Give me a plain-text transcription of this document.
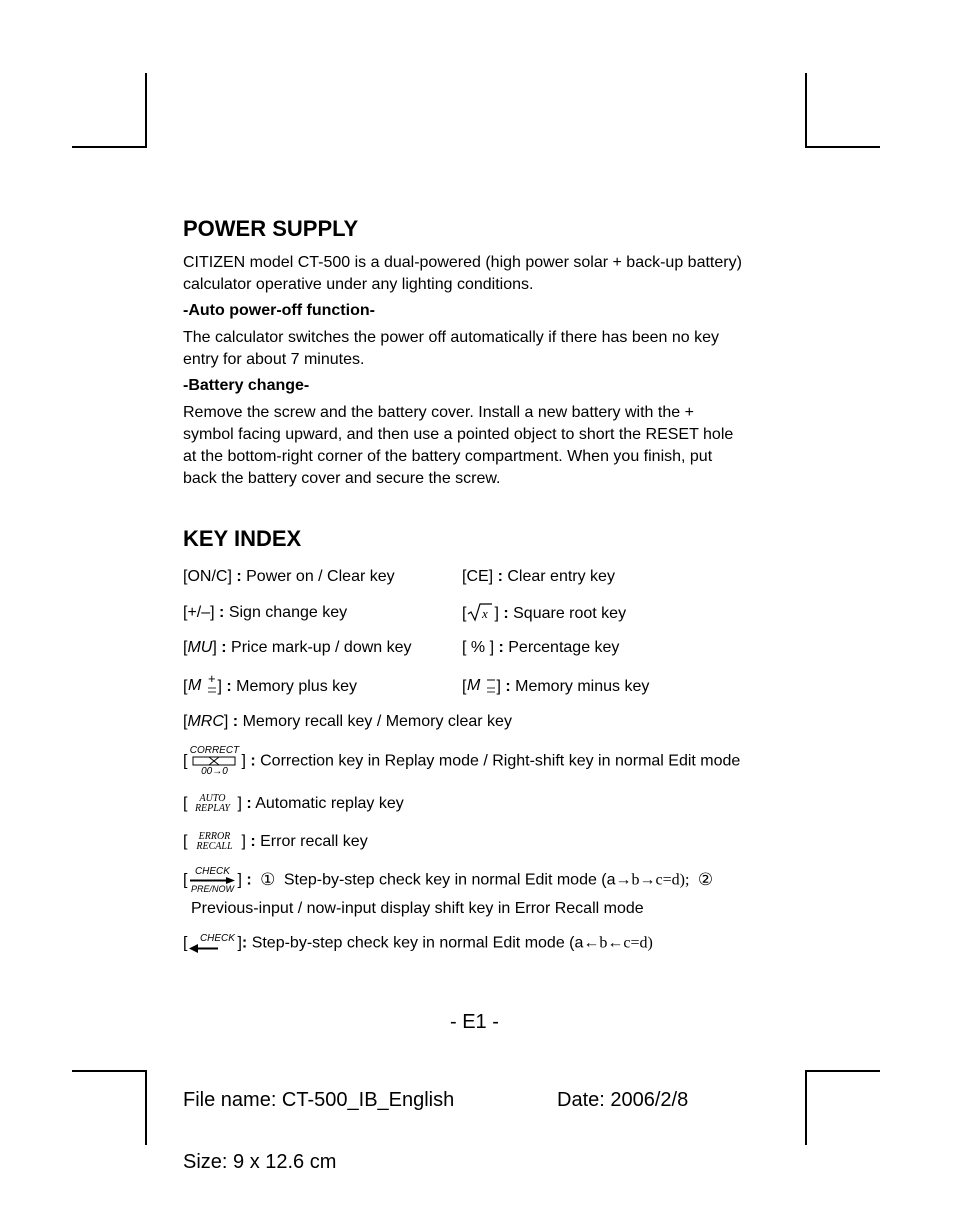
POWER SUPPLY
CITIZEN model CT-500 is a dual-powered (high power solar + back-up battery)
calculator operative under any lighting conditions.
-Auto power-off function-
The calculator switches the power off automatically if there has been no key
entry for about 7 minutes.
-Battery change-
Remove the screw and the battery cover. Install a new battery with the +
symbol facing upward, and then use a pointed object to short the RESET hole
at the bottom-right corner of the battery compartment. When you finish, put
back the battery cover and secure the screw.
KEY INDEX
[ON/C] : Power on / Clear key	[CE] : Clear entry key
[+/–] : Sign change key	[ x ] : Square root key
[MU] : Price mark-up / down key	[ % ] : Percentage key
[ M + ] : Memory plus key	[ M ] : Memory minus key
[MRC] : Memory recall key / Memory clear key
[
CORRECT
00→0
] : Correction key in Replay mode / Right-shift key in normal Edit mode
[	AUTO
REPLAY ] : Automatic replay key
[	ERROR
RECALL ] : Error recall key
[
CHECK
PRE/NOW
] : ① Step-by-step check key in normal Edit mode (a→b→c=d); ②
Previous-input / now-input display shift key in Error Recall mode
[	CHECK ]: Step-by-step check key in normal Edit mode (a←b←c=d)
- E1 -
File name: CT-500_IB_English	Date: 2006/2/8
Size: 9 x 12.6 cm
